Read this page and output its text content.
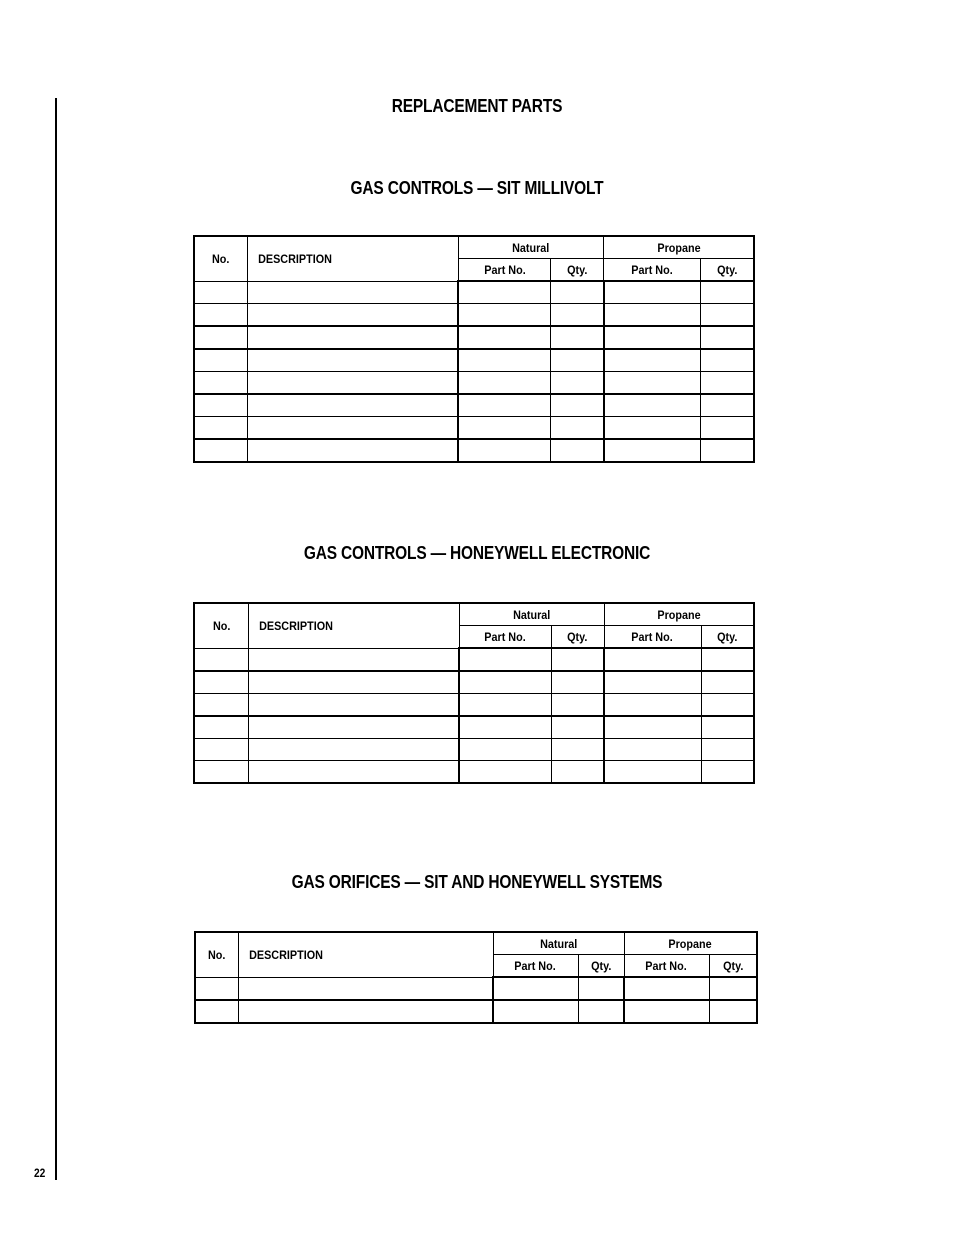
22
REPLACEMENT PARTS
GAS CONTROLS — SIT MILLIVOLT
No.	DESCRIPTION	Natural		Propane	
		Part No.	Qty.	Part No.	Qty.

GAS CONTROLS — HONEYWELL ELECTRONIC
No.	DESCRIPTION	Natural		Propane	
		Part No.	Qty.	Part No.	Qty.

GAS ORIFICES — SIT AND HONEYWELL SYSTEMS
No.	DESCRIPTION	Natural		Propane	
		Part No.	Qty.	Part No.	Qty.
